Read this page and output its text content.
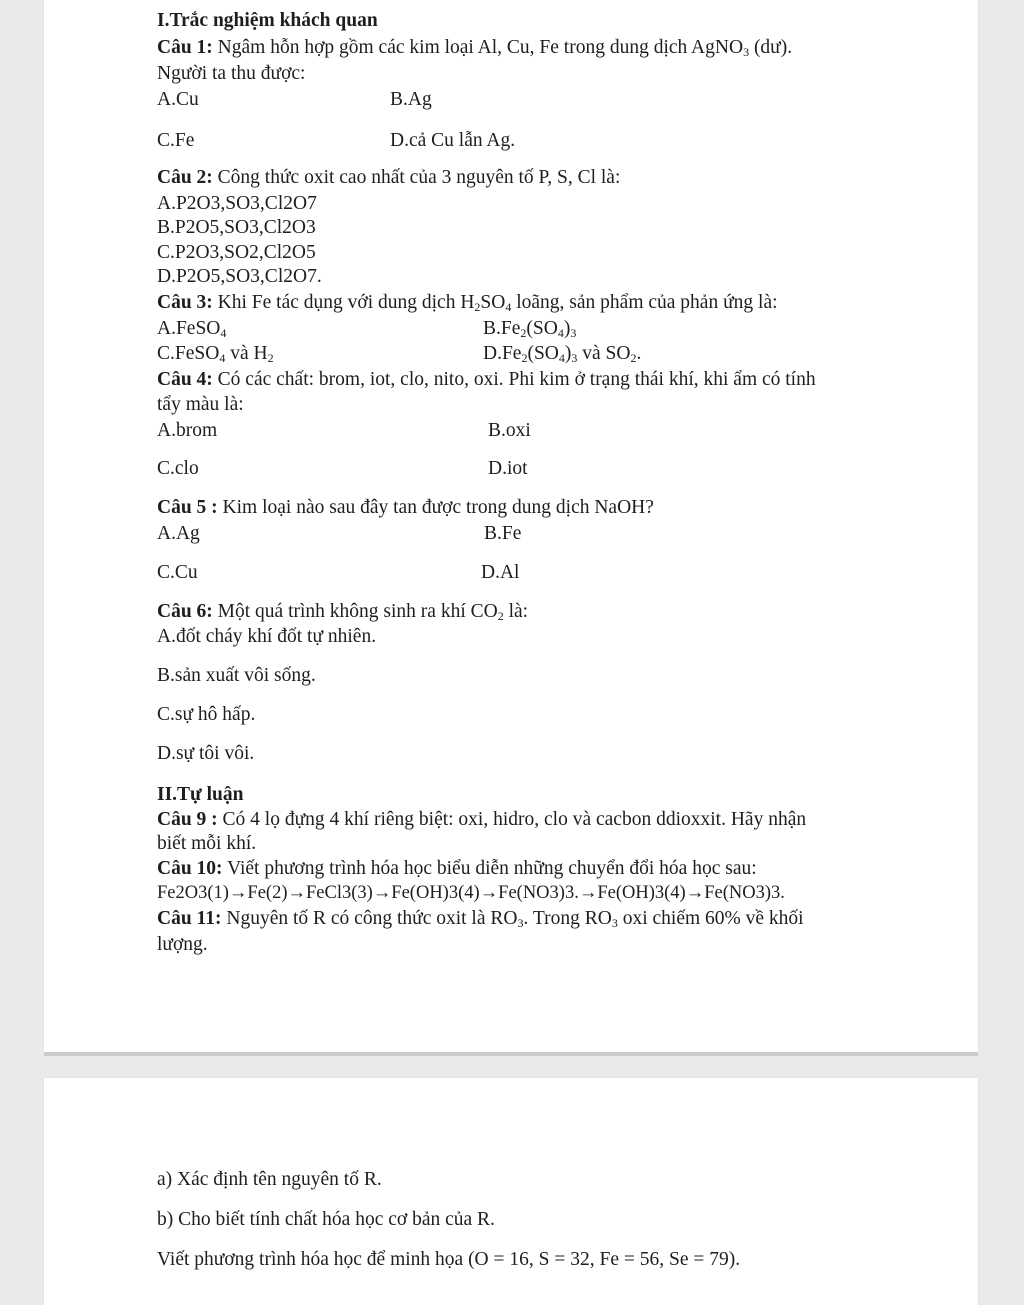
I.Trắc nghiệm khách quan
Câu 1: Ngâm hỗn hợp gồm các kim loại Al, Cu, Fe trong dung dịch AgNO$_3$ (dư).
Người ta thu được:
A.Cu	B.Ag
C.Fe	D.cả Cu lẫn Ag.
Câu 2: Công thức oxit cao nhất của 3 nguyên tố P, S, Cl là:
A.P2O3,SO3,Cl2O7
B.P2O5,SO3,Cl2O3
C.P2O3,SO2,Cl2O5
D.P2O5,SO3,Cl2O7.
Câu 3: Khi Fe tác dụng với dung dịch $H_2SO_4$ loãng, sản phẩm của phản ứng là:
A.FeSO$_4$	$B.Fe_2(SO_4)_3$
C.FeSO$_4$ và $H_2$	$D.Fe_2(SO_4)_3$ và $SO_2$.
Câu 4: Có các chất: brom, iot, clo, nito, oxi. Phi kim ở trạng thái khí, khi ẩm có tính
tẩy màu là:
A.brom	B.oxi
C.clo	D.iot
Câu 5 : Kim loại nào sau đây tan được trong dung dịch NaOH?
A.Ag	B.Fe
C.Cu	D.Al
Câu 6: Một quá trình không sinh ra khí $CO_2$ là:
A.đốt cháy khí đốt tự nhiên.
B.sản xuất vôi sống.
C.sự hô hấp.
D.sự tôi vôi.
II.Tự luận
Câu 9 : Có 4 lọ đựng 4 khí riêng biệt: oxi, hidro, clo và cacbon ddioxxit. Hãy nhận
biết mỗi khí.
Câu 10: Viết phương trình hóa học biểu diễn những chuyển đổi hóa học sau:
Fe2O3(1)→Fe(2)→FeCl3(3)→Fe(OH)3(4)→Fe(NO3)3.→Fe(OH)3(4)→Fe(NO3)3.
Câu 11: Nguyên tố R có công thức oxit là $RO_3$. Trong $RO_3$ oxi chiếm 60% về khối
lượng.
a) Xác định tên nguyên tố R.
b) Cho biết tính chất hóa học cơ bản của R.
Viết phương trình hóa học để minh họa (O = 16, S = 32, Fe = 56, Se = 79).
